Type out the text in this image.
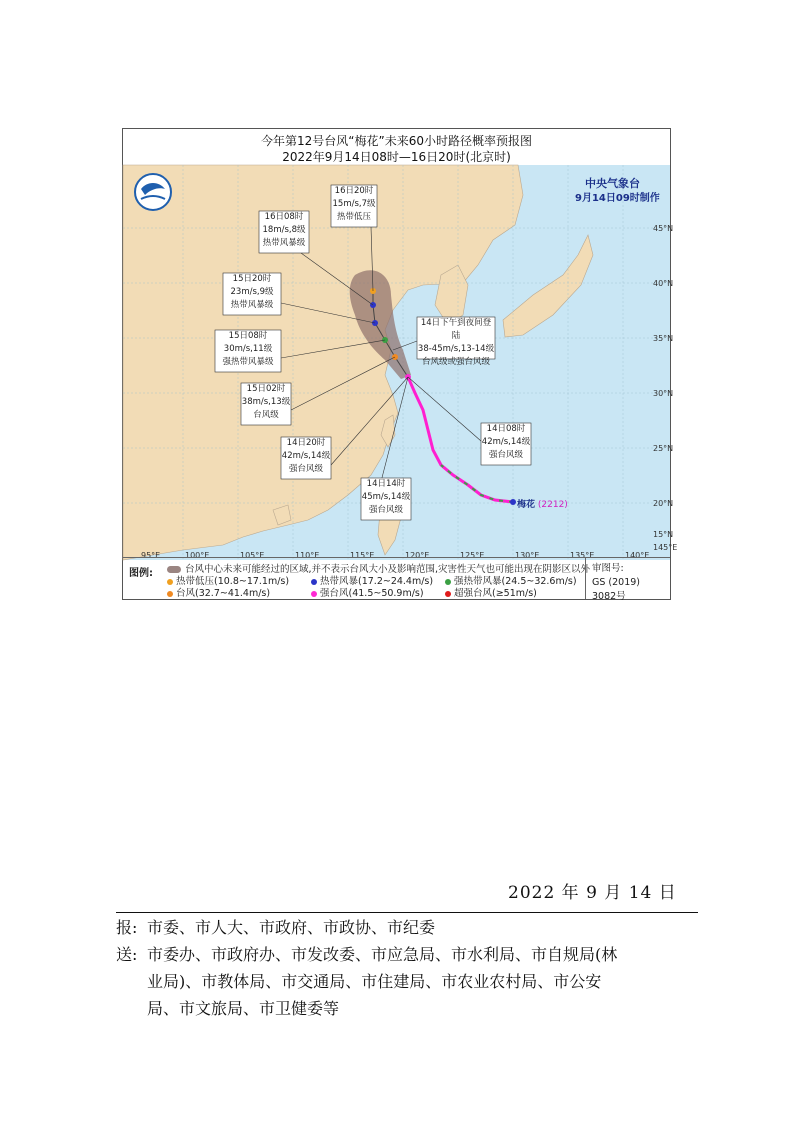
今年第12号台风“梅花”未来60小时路径概率预报图
2022年9月14日08时—16日20时(北京时)
95°E	100°E	105°E	110°E	115°E	120°E	125°E	130°E	135°E	140°E
145°E
45°N
40°N
35°N
30°N
25°N
20°N
15°N
中央气象台
9月14日09时制作
16日20时
15m/s,7级
热带低压
16日08时
18m/s,8级
热带风暴级
15日20时
23m/s,9级
热带风暴级
15日08时
30m/s,11级
强热带风暴级
15日02时
38m/s,13级
台风级
14日20时
42m/s,14级
强台风级
14日14时
45m/s,14级
强台风级
14日08时
42m/s,14级
强台风级
14日下午到夜间登陆
38-45m/s,13-14级
台风级或强台风级
梅花 (2212)
图例:	台风中心未来可能经过的区域,并不表示台风大小及影响范围,灾害性天气也可能出现在阴影区以外
热带低压(10.8~17.1m/s)	热带风暴(17.2~24.4m/s)	强热带风暴(24.5~32.6m/s)
台风(32.7~41.4m/s)	强台风(41.5~50.9m/s)	超强台风(≥51m/s)
审图号:
GS (2019) 3082号
2022 年 9 月 14 日
报: 市委、市人大、市政府、市政协、市纪委
送: 市委办、市政府办、市发改委、市应急局、市水利局、市自规局(林
业局)、市教体局、市交通局、市住建局、市农业农村局、市公安
局、市文旅局、市卫健委等
